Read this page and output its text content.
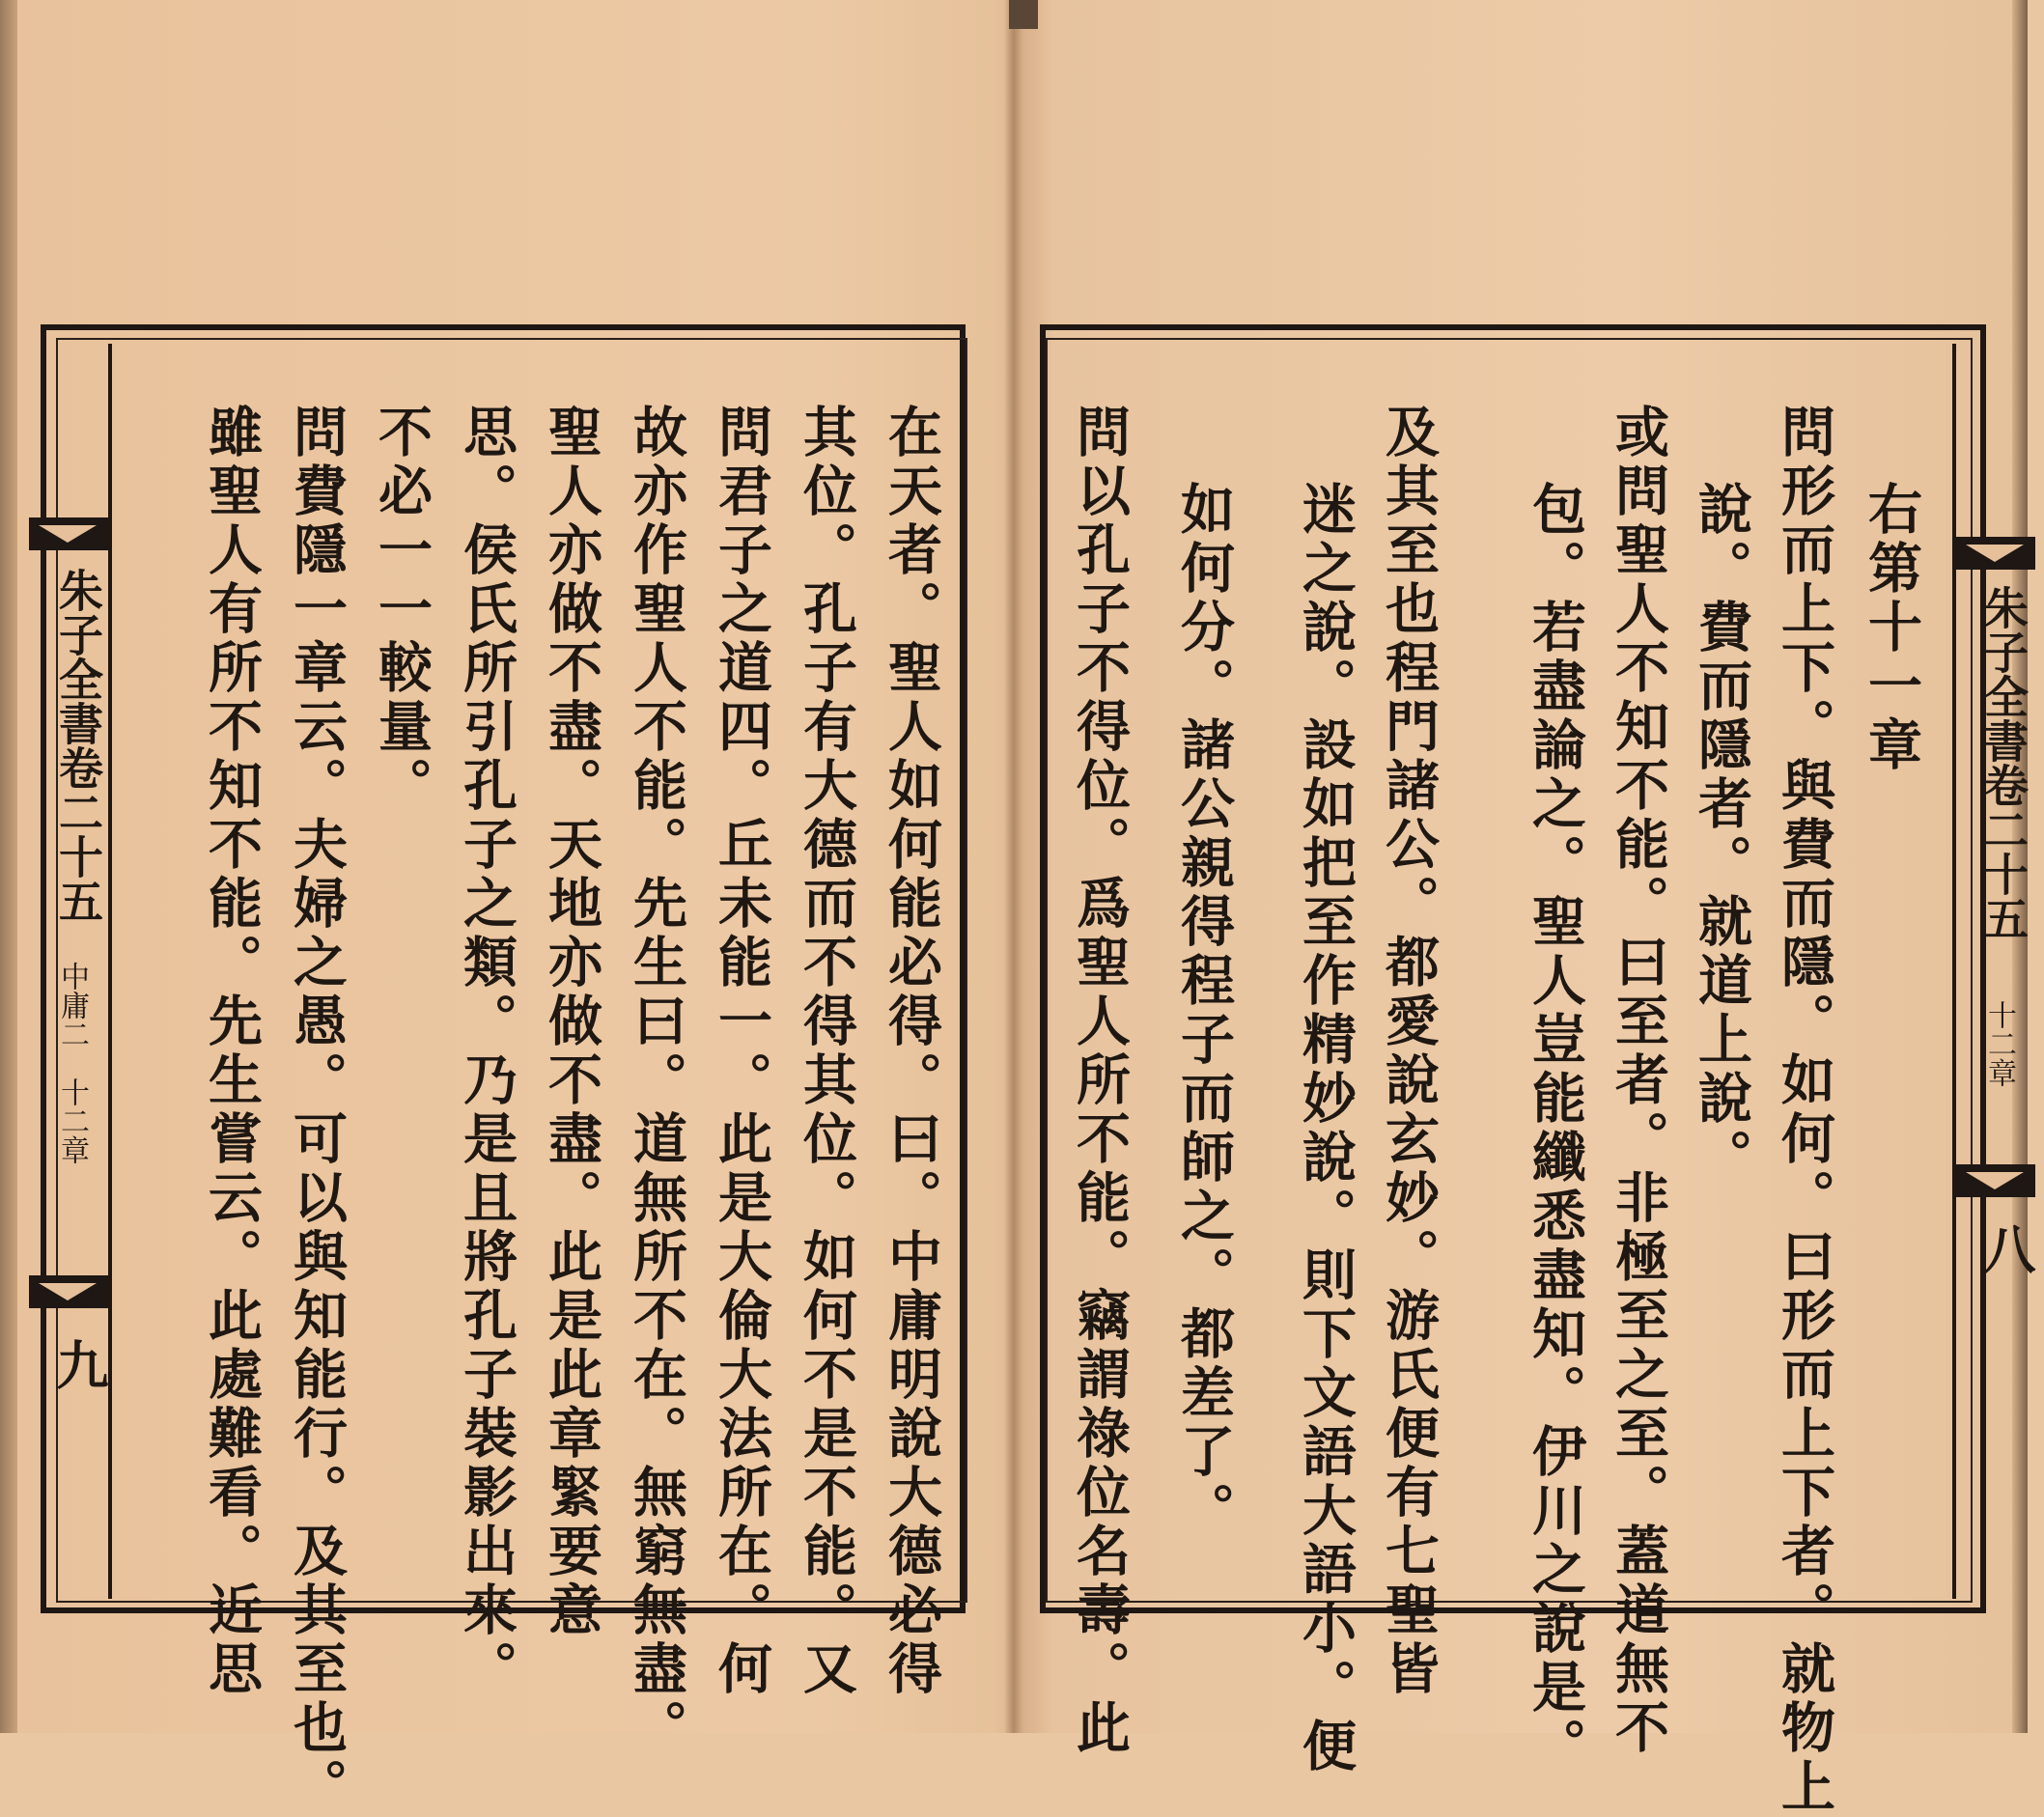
朱子全書卷二十五
中庸二　十二章
九	在天者。聖人如何能必得。曰。中庸明說大德必得
其位。孔子有大德而不得其位。如何不是不能。又
問君子之道四。丘未能一。此是大倫大法所在。何
故亦作聖人不能。先生曰。道無所不在。無窮無盡。
聖人亦做不盡。天地亦做不盡。此是此章緊要意
思。侯氏所引孔子之類。乃是且將孔子裝影出來。
不必一一較量。
問費隱一章云。夫婦之愚。可以與知能行。及其至也。
雖聖人有所不知不能。先生嘗云。此處難看。近思	朱子全書卷二十五
十二章
八
右第十一章
問形而上下。與費而隱。如何。曰形而上下者。就物上
說。費而隱者。就道上說。
或問聖人不知不能。曰至者。非極至之至。蓋道無不
包。若盡論之。聖人豈能纖悉盡知。伊川之說是。
及其至也程門諸公。都愛說玄妙。游氏便有七聖皆
迷之說。設如把至作精妙說。則下文語大語小。便
如何分。諸公親得程子而師之。都差了。
問以孔子不得位。爲聖人所不能。竊謂祿位名壽。此
